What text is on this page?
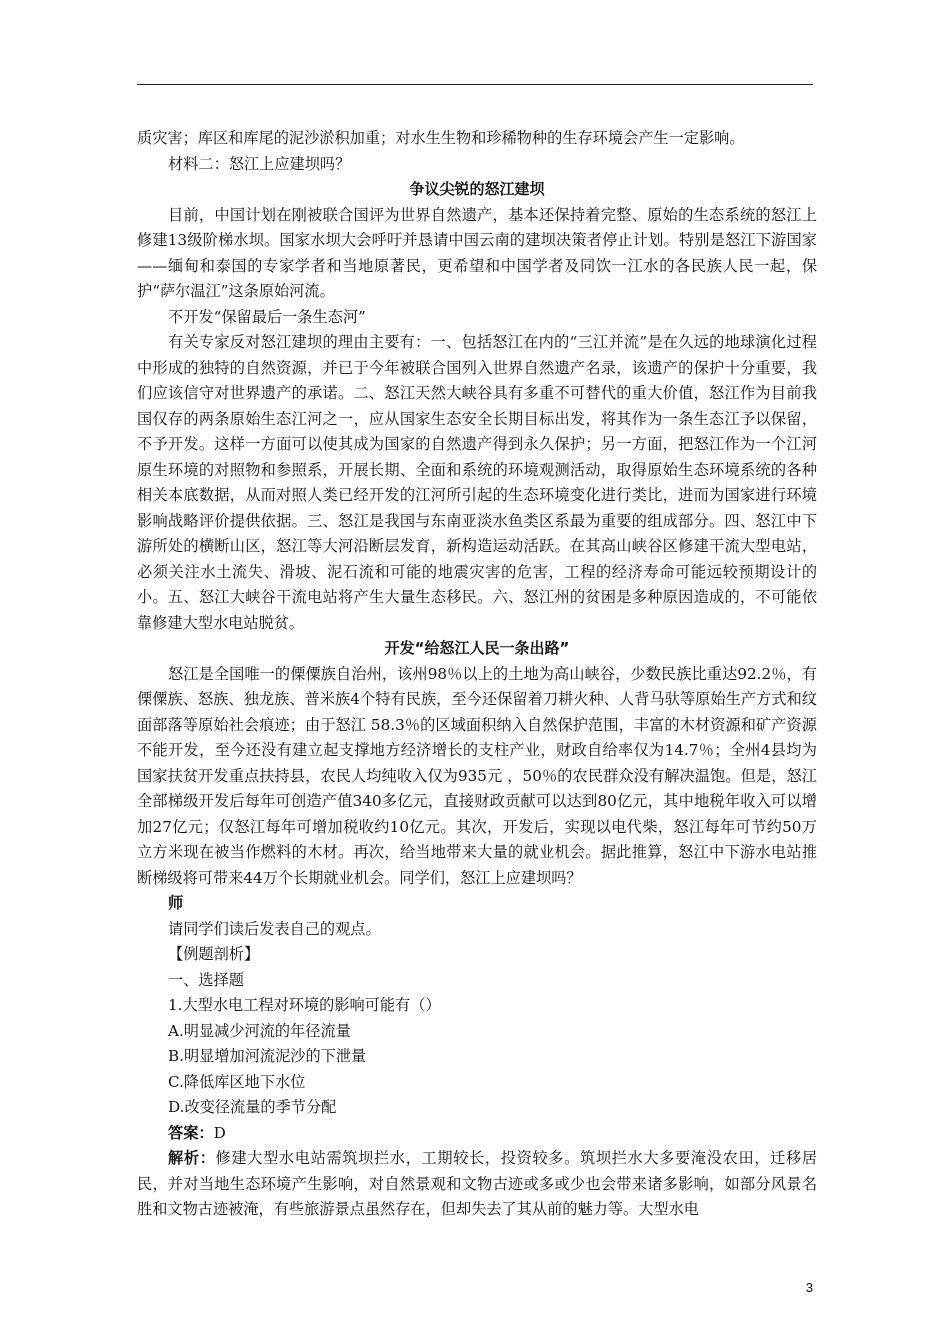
质灾害；库区和库尾的泥沙淤积加重；对水生生物和珍稀物种的生存环境会产生一定影响。

材料二：怒江上应建坝吗？

争议尖锐的怒江建坝

目前，中国计划在刚被联合国评为世界自然遗产，基本还保持着完整、原始的生态系统的怒江上修建13级阶梯水坝。国家水坝大会呼吁并恳请中国云南的建坝决策者停止计划。特别是怒江下游国家——缅甸和泰国的专家学者和当地原著民，更希望和中国学者及同饮一江水的各民族人民一起，保护“萨尔温江”这条原始河流。

不开发“保留最后一条生态河”

有关专家反对怒江建坝的理由主要有：一、包括怒江在内的“三江并流”是在久远的地球演化过程中形成的独特的自然资源，并已于今年被联合国列入世界自然遗产名录，该遗产的保护十分重要，我们应该信守对世界遗产的承诺。二、怒江天然大峡谷具有多重不可替代的重大价值，怒江作为目前我国仅存的两条原始生态江河之一，应从国家生态安全长期目标出发，将其作为一条生态江予以保留，不予开发。这样一方面可以使其成为国家的自然遗产得到永久保护；另一方面，把怒江作为一个江河原生环境的对照物和参照系，开展长期、全面和系统的环境观测活动，取得原始生态环境系统的各种相关本底数据，从而对照人类已经开发的江河所引起的生态环境变化进行类比，进而为国家进行环境影响战略评价提供依据。三、怒江是我国与东南亚淡水鱼类区系最为重要的组成部分。四、怒江中下游所处的横断山区，怒江等大河沿断层发育，新构造运动活跃。在其高山峡谷区修建干流大型电站，必须关注水土流失、滑坡、泥石流和可能的地震灾害的危害，工程的经济寿命可能远较预期设计的小。五、怒江大峡谷干流电站将产生大量生态移民。六、怒江州的贫困是多种原因造成的，不可能依靠修建大型水电站脱贫。

开发“给怒江人民一条出路”

怒江是全国唯一的傈僳族自治州，该州98％以上的土地为高山峡谷，少数民族比重达92.2％，有傈僳族、怒族、独龙族、普米族4个特有民族，至今还保留着刀耕火种、人背马驮等原始生产方式和纹面部落等原始社会痕迹；由于怒江 58.3％的区域面积纳入自然保护范围，丰富的木材资源和矿产资源不能开发，至今还没有建立起支撑地方经济增长的支柱产业，财政自给率仅为14.7％；全州4县均为国家扶贫开发重点扶持县，农民人均纯收入仅为935元 ，50％的农民群众没有解决温饱。但是，怒江全部梯级开发后每年可创造产值340多亿元，直接财政贡献可以达到80亿元，其中地税年收入可以增加27亿元；仅怒江每年可增加税收约10亿元。其次，开发后，实现以电代柴，怒江每年可节约50万立方米现在被当作燃料的木材。再次，给当地带来大量的就业机会。据此推算，怒江中下游水电站推断梯级将可带来44万个长期就业机会。同学们，怒江上应建坝吗？

师

请同学们读后发表自己的观点。

【例题剖析】

一、选择题

1.大型水电工程对环境的影响可能有（）

A.明显减少河流的年径流量

B.明显增加河流泥沙的下泄量

C.降低库区地下水位

D.改变径流量的季节分配

答案：D

解析：修建大型水电站需筑坝拦水，工期较长，投资较多。筑坝拦水大多要淹没农田，迁移居民，并对当地生态环境产生影响，对自然景观和文物古迹或多或少也会带来诸多影响，如部分风景名胜和文物古迹被淹，有些旅游景点虽然存在，但却失去了其从前的魅力等。大型水电

3
